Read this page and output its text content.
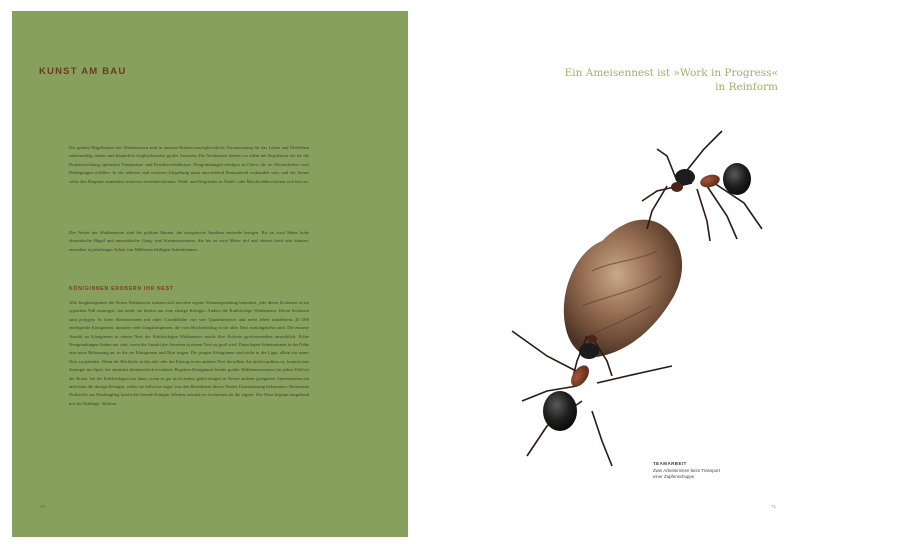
KUNST AM BAU

Die großen Hügelbauten der Waldameisen sind in unseren Breiten unvergleichliche Voraussetzung für das Leben und Überleben zahlenmäßig starker und körperlich vergleichsweise großer Ameisen. Die Nestbauten dienen vor allem der Regulation der für die Brutentwicklung optimalen Temperatur- und Feuchteverhältnisse. Neugründungen erfolgen an Orten, die im Wesentlichen zwei Bedingungen erfüllen: In der näheren und weiteren Umgebung muss ausreichend Baumaterial vorhanden sein, und die Sonne sollte den Bauplatz zumindest zeitweise erreichen können. Wald- und Wegränder in Nadel- oder Mischwäldern bieten sich hier an.

Die Nester der Waldameisen sind die größten Bauten, die europäische Insekten zustande bringen. Bis zu zwei Meter hohe oberirdische Hügel und unterirdische Gang- und Kammersysteme, die bis zu zwei Meter tief und ebenso breit sein können, entstehen in jahrelanger Arbeit von Millionen fleißigen Arbeiterinnen.

KÖNIGINNEN EROBERN IHR NEST

Alle Jungköniginnen der Roten Waldameise müssen sich um eine eigene Nestneugründung bemühen, jede dieser Kolonien ist im typischen Fall monogyn, das heißt, sie besitzt nur eine einzige Königin. Anders die Kahlrückige Waldameise. Deren Kolonien sind polygyn: In ihren Riesennestern mit einer Grundfläche von vier Quadratmetern und mehr leben mindestens 20 000 eierlegende Königinnen, darunter viele Jungköniginnen, die vom Hochzeitsflug in ihr altes Nest zurückgekehrt sind. Die enorme Anzahl an Königinnen in einem Nest der Kahlrückigen Waldameise macht ihre Kolonie gewissermaßen unsterblich. Echte Neugründungen finden nur statt, wenn die Anzahl der Ameisen in einem Nest zu groß wird. Dann legen Arbeiterinnen in der Nähe eine neue Behausung an, in die sie Königinnen und Brut tragen. Die jungen Königinnen sind nicht in der Lage, allein ein neues Nest zu gründen. Wenn die Rückkehr in das alte oder der Einzug in ein anderes Nest derselben Art nicht machbar ist, kommt eine Strategie ins Spiel, die zunächst abenteuerlich erscheint: Begatten Königinnen beider großer Waldameisenarten (in jedem Fall bei der Roten, bei der Kahlrückigen nur dann, wenn es gar nicht anders geht) dringen in Nester anderer geeigneter Ameisenarten ein und töten die dortige Königin, wobei sie teilweise sogar von den Bewohnern dieses Nestes Unterstützung bekommen. Bestimmte Duftstoffe zur Eindringling lassen die fremde Königin offenbar attraktiver erscheinen als die eigene. Die Neue beginnt umgehend mit der Eiablage. Sklaven.

70

Ein Ameisennest ist »Work in Progress«
in Reinform

TEAMARBEIT
Zwei Arbeiterinnen beim Transport
einer Zapfenschuppe
71
